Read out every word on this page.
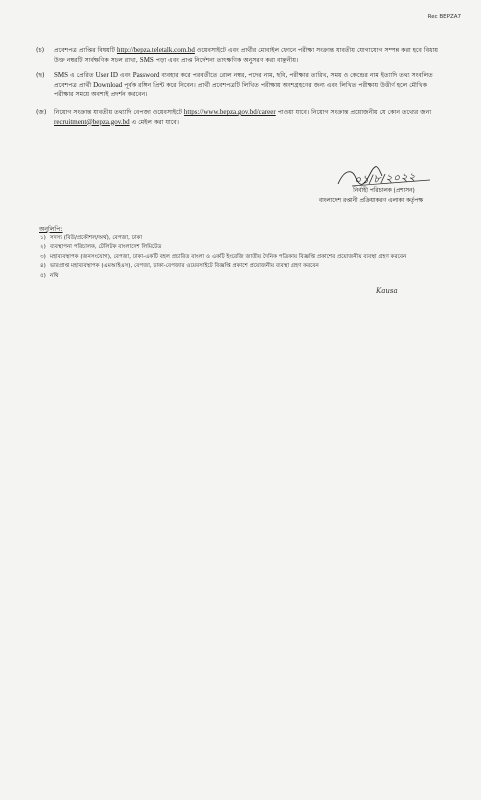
Rec BEPZA7
(চ)	প্রবেশপত্র প্রাপ্তির বিষয়টি http://bepza.teletalk.com.bd ওয়েবসাইটে এবং প্রার্থীর মোবাইল ফোনে পরীক্ষা সংক্রান্ত যাবতীয় যোগাযোগ সম্পন্ন করা হবে বিধায় উক্ত নম্বরটি সার্বক্ষণিক সচল রাখা, SMS পড়া এবং প্রাপ্ত নির্দেশনা তাৎক্ষণিক অনুসরণ করা বাঞ্ছনীয়।
(ছ)	SMS এ প্রেরিত User ID এবং Password ব্যবহার করে পরবর্তীতে রোল নম্বর, পদের নাম, ছবি, পরীক্ষার তারিখ, সময় ও কেন্দ্রের নাম ইত্যাদি তথ্য সংবলিত প্রবেশপত্র প্রার্থী Download পূর্বক রঙ্গিন প্রিন্ট করে নিবেন। প্রার্থী প্রবেশপত্রটি লিখিত পরীক্ষায় অংশগ্রহণের জন্য এবং লিখিত পরীক্ষায় উত্তীর্ণ হলে মৌখিক পরীক্ষার সময়ে অবশ্যই প্রদর্শন করবেন।
(জ)	নিয়োগ সংক্রান্ত যাবতীয় তথ্যাদি বেপজা ওয়েবসাইটে https://www.bepza.gov.bd/career পাওয়া যাবে। নিয়োগ সংক্রান্ত প্রয়োজনীয় যে কোন তথ্যের জন্য recruitment@bepza.gov.bd এ মেইল করা যাবে।
০১/৮/২০২২
নির্বাহী পরিচালক (প্রশাসন)
বাংলাদেশ রপ্তানী প্রক্রিয়াকরণ এলাকা কর্তৃপক্ষ
অনুলিপি:
১) সদস্য (বিউ/প্রকৌশল/অর্থ), বেপজা, ঢাকা
২) ব্যবস্থাপনা পরিচালক, টেলিটক বাংলাদেশ লিমিটেড
৩) মহাব্যবস্থাপক (জনসংযোগ), বেপজা, ঢাকা-একটি বহল প্রচারিত বাংলা ও একটি ইংরেজি জাতীয় দৈনিক পত্রিকায় বিজ্ঞপ্তি প্রকাশের প্রয়োজনীয় ব্যবস্থা গ্রহণ করবেন
৪) ভারপ্রাপ্ত মহাব্যবস্থাপক (এমআইএস), বেপজা, ঢাকা-বেপজার ওয়েবসাইটে বিজ্ঞপ্তি প্রকাশে প্রয়োজনীয় ব্যবস্থা গ্রহণ করবেন
৫) নথি
Kausa
